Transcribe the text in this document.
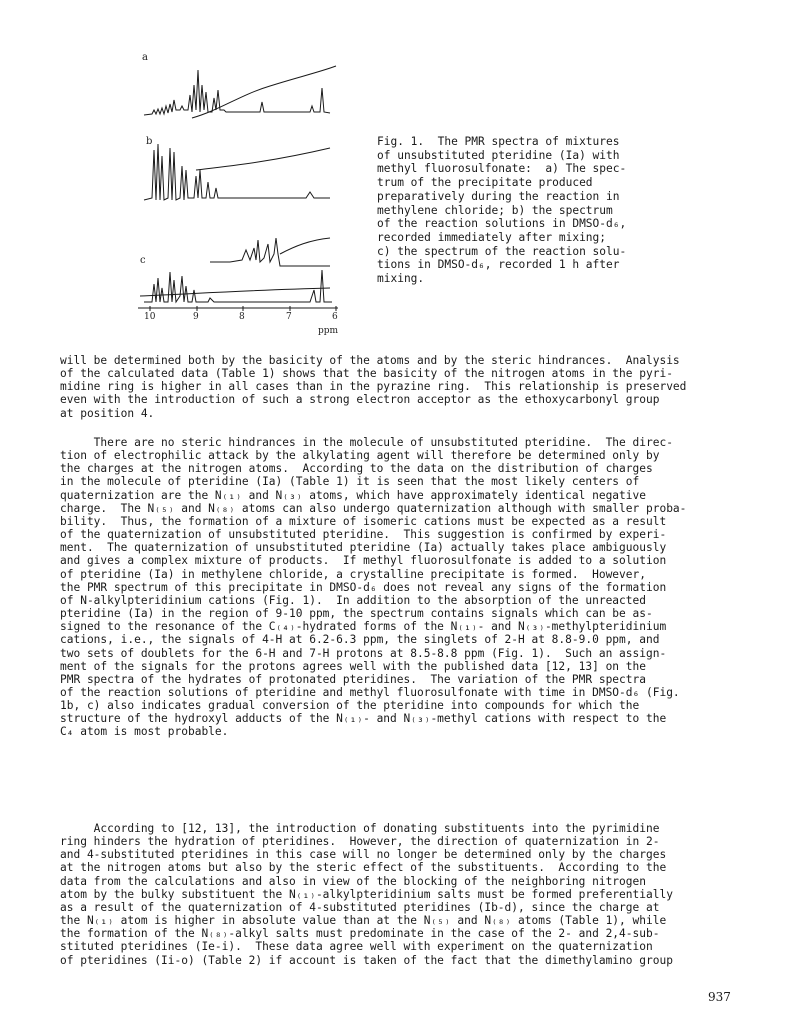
a
b
c
10	9	8	7	6
ppm
Fig. 1.  The PMR spectra of mixtures
of unsubstituted pteridine (Ia) with
methyl fluorosulfonate:  a) The spec-
trum of the precipitate produced
preparatively during the reaction in
methylene chloride; b) the spectrum
of the reaction solutions in DMSO-d₆,
recorded immediately after mixing;
c) the spectrum of the reaction solu-
tions in DMSO-d₆, recorded 1 h after
mixing.
will be determined both by the basicity of the atoms and by the steric hindrances.  Analysis
of the calculated data (Table 1) shows that the basicity of the nitrogen atoms in the pyri-
midine ring is higher in all cases than in the pyrazine ring.  This relationship is preserved
even with the introduction of such a strong electron acceptor as the ethoxycarbonyl group
at position 4.
There are no steric hindrances in the molecule of unsubstituted pteridine.  The direc-
tion of electrophilic attack by the alkylating agent will therefore be determined only by
the charges at the nitrogen atoms.  According to the data on the distribution of charges
in the molecule of pteridine (Ia) (Table 1) it is seen that the most likely centers of
quaternization are the N₍₁₎ and N₍₃₎ atoms, which have approximately identical negative
charge.  The N₍₅₎ and N₍₈₎ atoms can also undergo quaternization although with smaller proba-
bility.  Thus, the formation of a mixture of isomeric cations must be expected as a result
of the quaternization of unsubstituted pteridine.  This suggestion is confirmed by experi-
ment.  The quaternization of unsubstituted pteridine (Ia) actually takes place ambiguously
and gives a complex mixture of products.  If methyl fluorosulfonate is added to a solution
of pteridine (Ia) in methylene chloride, a crystalline precipitate is formed.  However,
the PMR spectrum of this precipitate in DMSO-d₆ does not reveal any signs of the formation
of N-alkylpteridinium cations (Fig. 1).  In addition to the absorption of the unreacted
pteridine (Ia) in the region of 9-10 ppm, the spectrum contains signals which can be as-
signed to the resonance of the C₍₄₎-hydrated forms of the N₍₁₎- and N₍₃₎-methylpteridinium
cations, i.e., the signals of 4-H at 6.2-6.3 ppm, the singlets of 2-H at 8.8-9.0 ppm, and
two sets of doublets for the 6-H and 7-H protons at 8.5-8.8 ppm (Fig. 1).  Such an assign-
ment of the signals for the protons agrees well with the published data [12, 13] on the
PMR spectra of the hydrates of protonated pteridines.  The variation of the PMR spectra
of the reaction solutions of pteridine and methyl fluorosulfonate with time in DMSO-d₆ (Fig.
1b, c) also indicates gradual conversion of the pteridine into compounds for which the
structure of the hydroxyl adducts of the N₍₁₎- and N₍₃₎-methyl cations with respect to the
C₄ atom is most probable.
According to [12, 13], the introduction of donating substituents into the pyrimidine
ring hinders the hydration of pteridines.  However, the direction of quaternization in 2-
and 4-substituted pteridines in this case will no longer be determined only by the charges
at the nitrogen atoms but also by the steric effect of the substituents.  According to the
data from the calculations and also in view of the blocking of the neighboring nitrogen
atom by the bulky substituent the N₍₁₎-alkylpteridinium salts must be formed preferentially
as a result of the quaternization of 4-substituted pteridines (Ib-d), since the charge at
the N₍₁₎ atom is higher in absolute value than at the N₍₅₎ and N₍₈₎ atoms (Table 1), while
the formation of the N₍₈₎-alkyl salts must predominate in the case of the 2- and 2,4-sub-
stituted pteridines (Ie-i).  These data agree well with experiment on the quaternization
of pteridines (Ii-o) (Table 2) if account is taken of the fact that the dimethylamino group
937
